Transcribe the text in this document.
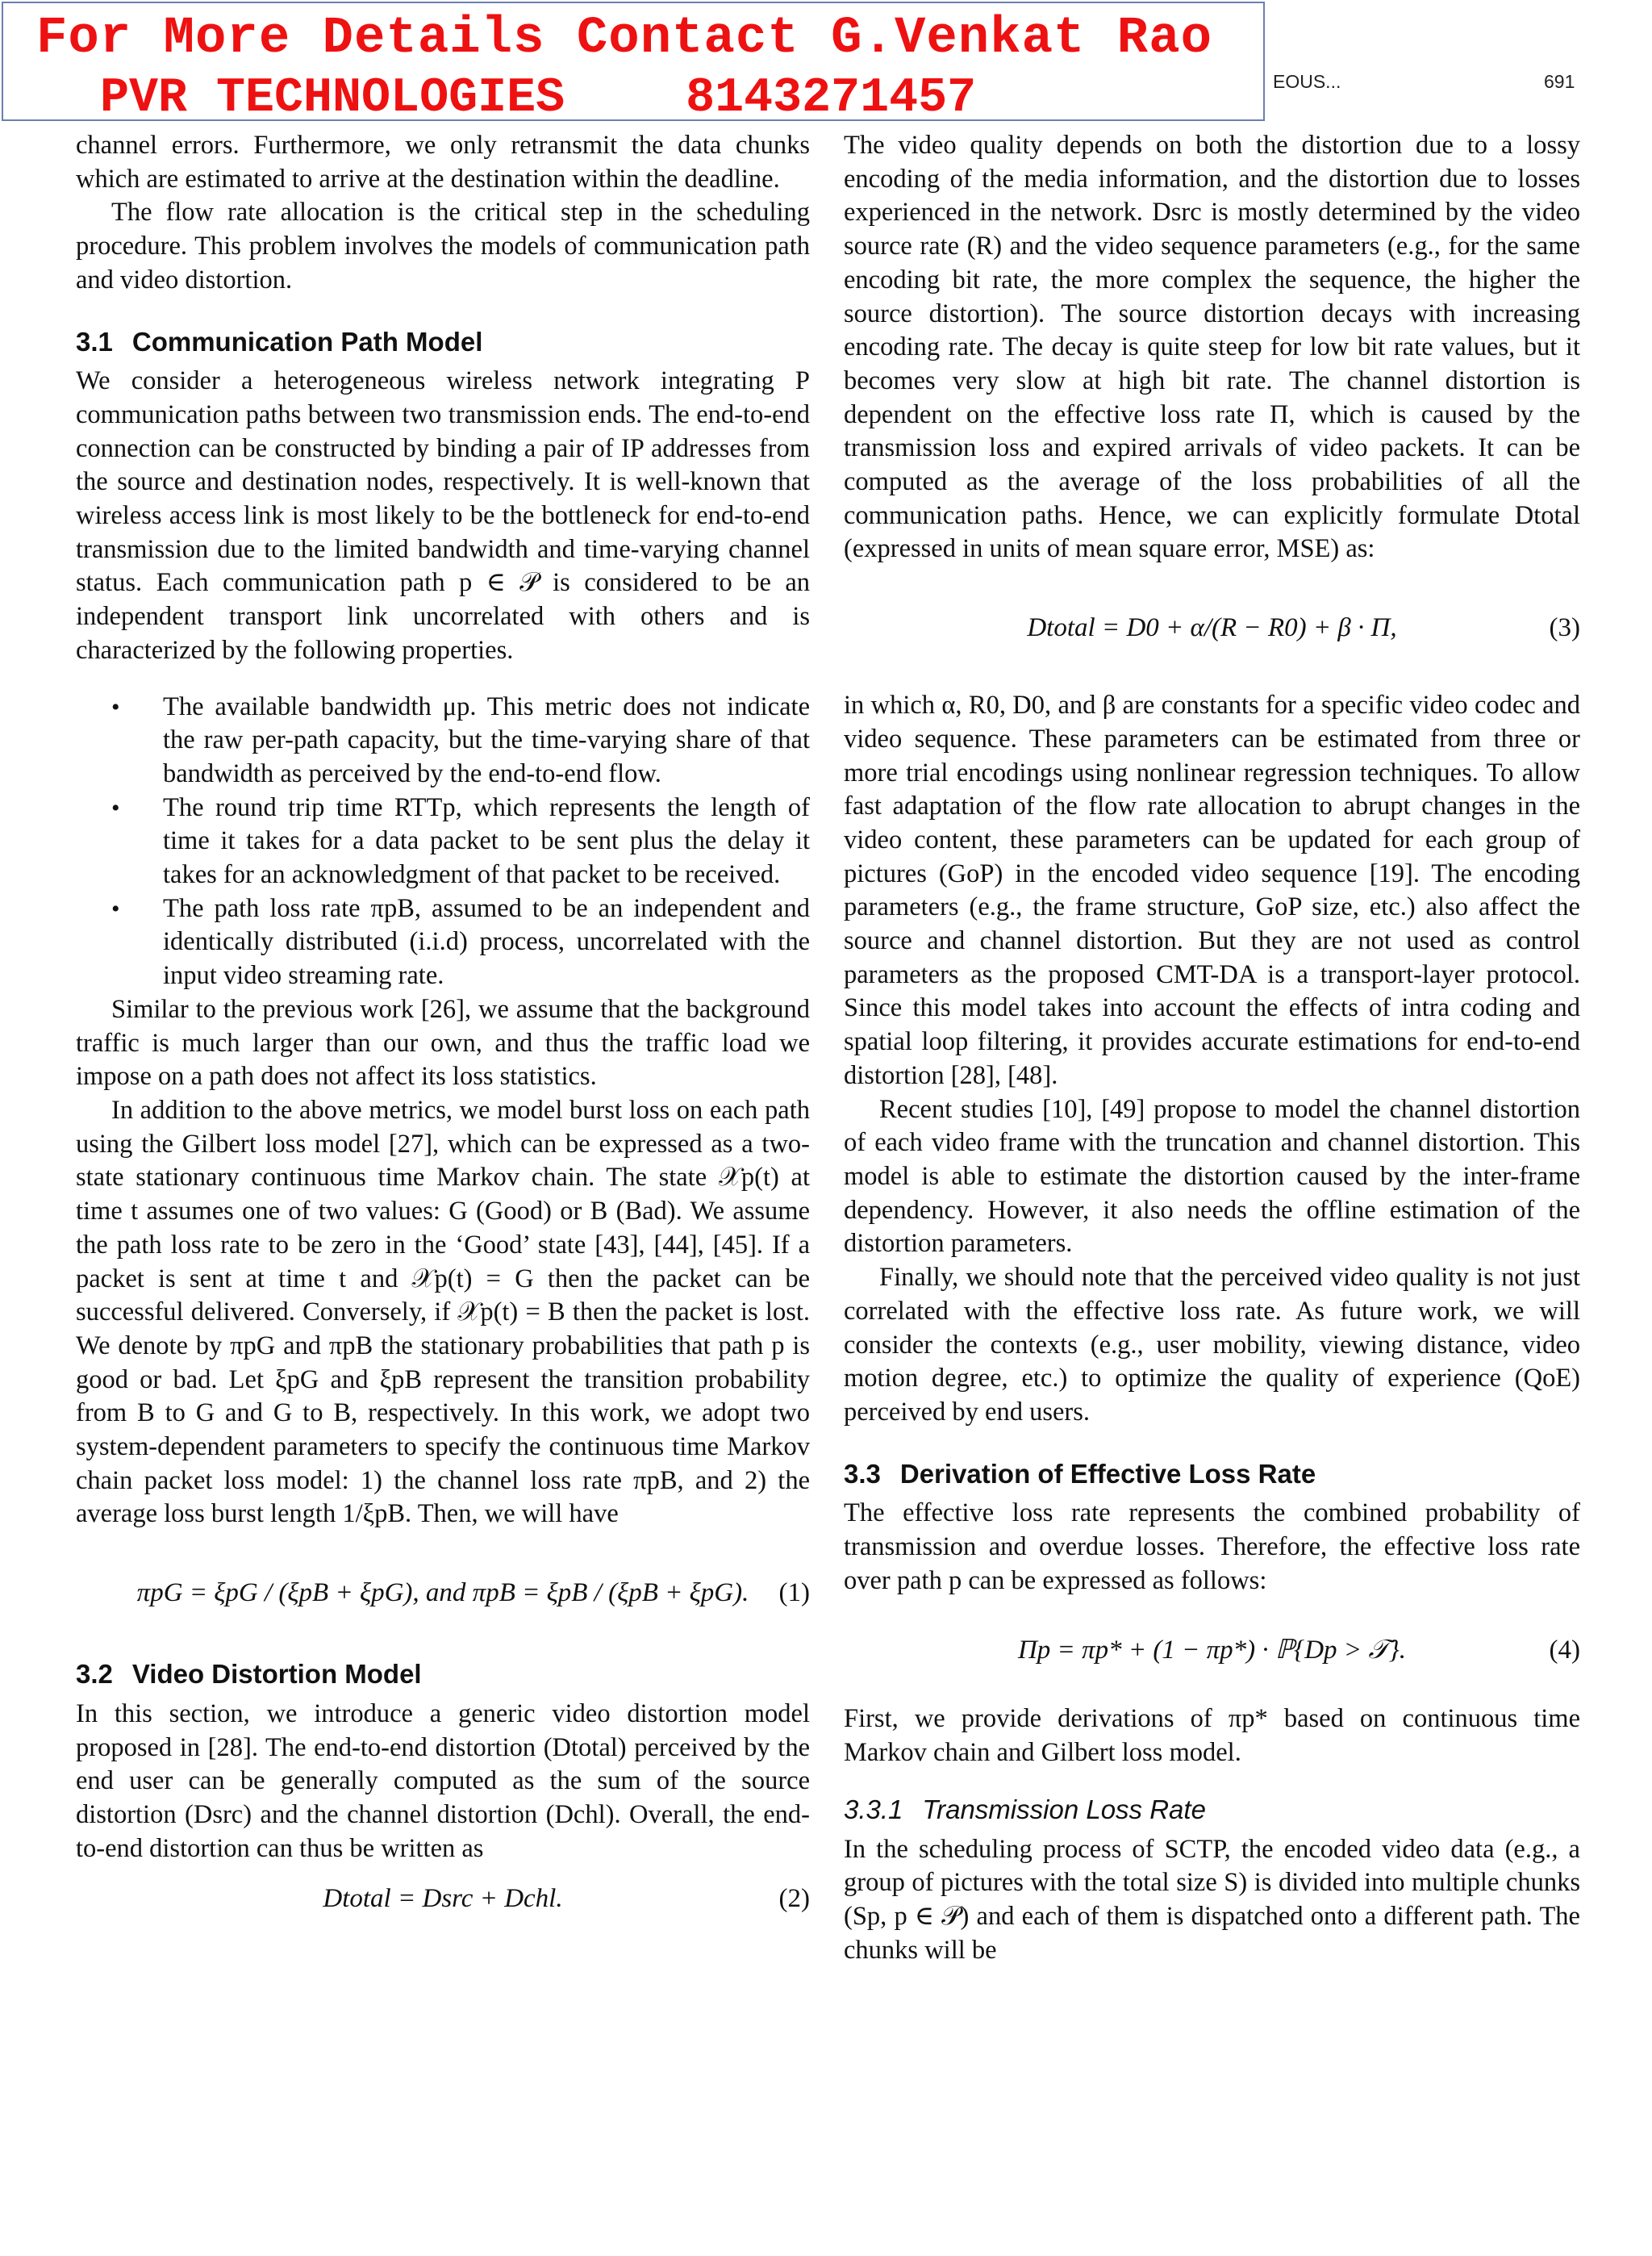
For More Details Contact G.Venkat Rao
PVR TECHNOLOGIES	8143271457	EOUS...	691

channel errors. Furthermore, we only retransmit the data chunks which are estimated to arrive at the destination within the deadline.

The flow rate allocation is the critical step in the scheduling procedure. This problem involves the models of communication path and video distortion.

3.1 Communication Path Model

We consider a heterogeneous wireless network integrating P communication paths between two transmission ends. The end-to-end connection can be constructed by binding a pair of IP addresses from the source and destination nodes, respectively. It is well-known that wireless access link is most likely to be the bottleneck for end-to-end transmission due to the limited bandwidth and time-varying channel status. Each communication path p ∈ 𝒫 is considered to be an independent transport link uncorrelated with others and is characterized by the following properties.

• The available bandwidth μp. This metric does not indicate the raw per-path capacity, but the time-varying share of that bandwidth as perceived by the end-to-end flow.
• The round trip time RTTp, which represents the length of time it takes for a data packet to be sent plus the delay it takes for an acknowledgment of that packet to be received.
• The path loss rate πpB, assumed to be an independent and identically distributed (i.i.d) process, uncorrelated with the input video streaming rate.

Similar to the previous work [26], we assume that the background traffic is much larger than our own, and thus the traffic load we impose on a path does not affect its loss statistics.

In addition to the above metrics, we model burst loss on each path using the Gilbert loss model [27], which can be expressed as a two-state stationary continuous time Markov chain. The state 𝒳p(t) at time t assumes one of two values: G (Good) or B (Bad). We assume the path loss rate to be zero in the ‘Good’ state [43], [44], [45]. If a packet is sent at time t and 𝒳p(t) = G then the packet can be successful delivered. Conversely, if 𝒳p(t) = B then the packet is lost. We denote by πpG and πpB the stationary probabilities that path p is good or bad. Let ξpG and ξpB represent the transition probability from B to G and G to B, respectively. In this work, we adopt two system-dependent parameters to specify the continuous time Markov chain packet loss model: 1) the channel loss rate πpB, and 2) the average loss burst length 1/ξpB. Then, we will have

πpG = ξpG / (ξpB + ξpG), and πpB = ξpB / (ξpB + ξpG). (1)
3.2 Video Distortion Model

In this section, we introduce a generic video distortion model proposed in [28]. The end-to-end distortion (Dtotal) perceived by the end user can be generally computed as the sum of the source distortion (Dsrc) and the channel distortion (Dchl). Overall, the end-to-end distortion can thus be written as

Dtotal = Dsrc + Dchl.	(2)

The video quality depends on both the distortion due to a lossy encoding of the media information, and the distortion due to losses experienced in the network. Dsrc is mostly determined by the video source rate (R) and the video sequence parameters (e.g., for the same encoding bit rate, the more complex the sequence, the higher the source distortion). The source distortion decays with increasing encoding rate. The decay is quite steep for low bit rate values, but it becomes very slow at high bit rate. The channel distortion is dependent on the effective loss rate Π, which is caused by the transmission loss and expired arrivals of video packets. It can be computed as the average of the loss probabilities of all the communication paths. Hence, we can explicitly formulate Dtotal (expressed in units of mean square error, MSE) as:

Dtotal = D0 + α/(R − R0) + β · Π,	(3)

in which α, R0, D0, and β are constants for a specific video codec and video sequence. These parameters can be estimated from three or more trial encodings using nonlinear regression techniques. To allow fast adaptation of the flow rate allocation to abrupt changes in the video content, these parameters can be updated for each group of pictures (GoP) in the encoded video sequence [19]. The encoding parameters (e.g., the frame structure, GoP size, etc.) also affect the source and channel distortion. But they are not used as control parameters as the proposed CMT-DA is a transport-layer protocol. Since this model takes into account the effects of intra coding and spatial loop filtering, it provides accurate estimations for end-to-end distortion [28], [48].

Recent studies [10], [49] propose to model the channel distortion of each video frame with the truncation and channel distortion. This model is able to estimate the distortion caused by the inter-frame dependency. However, it also needs the offline estimation of the distortion parameters.

Finally, we should note that the perceived video quality is not just correlated with the effective loss rate. As future work, we will consider the contexts (e.g., user mobility, viewing distance, video motion degree, etc.) to optimize the quality of experience (QoE) perceived by end users.

3.3 Derivation of Effective Loss Rate

The effective loss rate represents the combined probability of transmission and overdue losses. Therefore, the effective loss rate over path p can be expressed as follows:

Πp = πp* + (1 − πp*) · ℙ{Dp > 𝒯}.	(4)

First, we provide derivations of πp* based on continuous time Markov chain and Gilbert loss model.

3.3.1 Transmission Loss Rate

In the scheduling process of SCTP, the encoded video data (e.g., a group of pictures with the total size S) is divided into multiple chunks (Sp, p ∈ 𝒫) and each of them is dispatched onto a different path. The chunks will be
